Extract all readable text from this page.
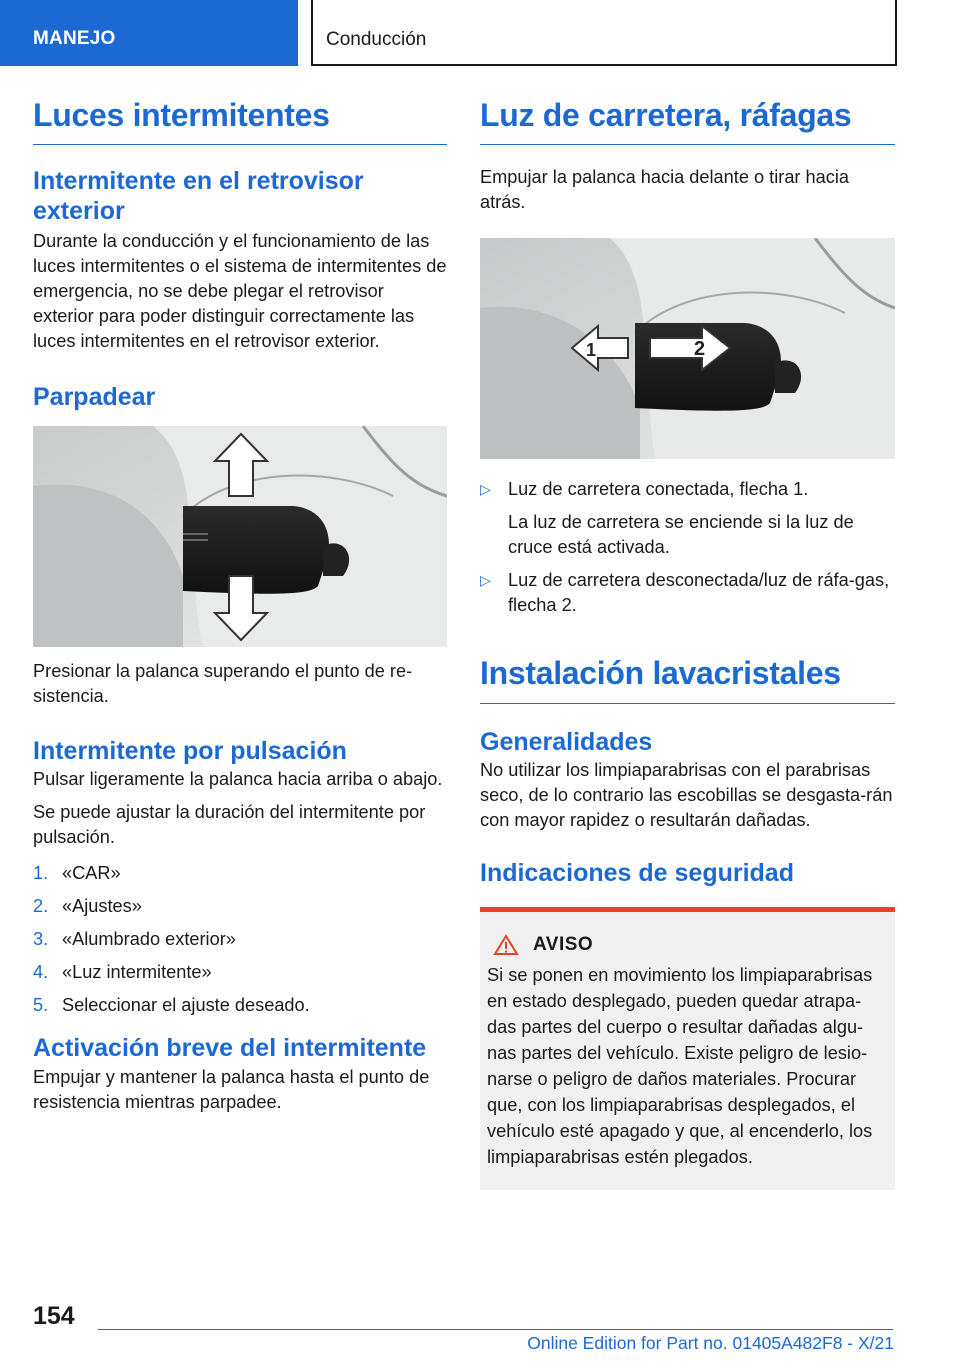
MANEJO	Conducción
Luces intermitentes
Intermitente en el retrovisor exterior

Durante la conducción y el funcionamiento de las luces intermitentes o el sistema de intermitentes de emergencia, no se debe plegar el retrovisor exterior para poder distinguir correctamente las luces intermitentes en el retrovisor exterior.

Parpadear

Presionar la palanca superando el punto de re-sistencia.

Intermitente por pulsación

Pulsar ligeramente la palanca hacia arriba o abajo.

Se puede ajustar la duración del intermitente por pulsación.

1. «CAR»
2. «Ajustes»
3. «Alumbrado exterior»
4. «Luz intermitente»
5. Seleccionar el ajuste deseado.
Activación breve del intermitente

Empujar y mantener la palanca hasta el punto de resistencia mientras parpadee.

Luz de carretera, ráfagas

Empujar la palanca hacia delante o tirar hacia atrás.

1	2
▷ Luz de carretera conectada, flecha 1.
La luz de carretera se enciende si la luz de cruce está activada.
▷ Luz de carretera desconectada/luz de ráfa-gas, flecha 2.
Instalación lavacristales
Generalidades

No utilizar los limpiaparabrisas con el parabrisas seco, de lo contrario las escobillas se desgasta-rán con mayor rapidez o resultarán dañadas.

Indicaciones de seguridad
AVISO

Si se ponen en movimiento los limpiaparabrisas en estado desplegado, pueden quedar atrapa-das partes del cuerpo o resultar dañadas algu-nas partes del vehículo. Existe peligro de lesio-narse o peligro de daños materiales. Procurar que, con los limpiaparabrisas desplegados, el vehículo esté apagado y que, al encenderlo, los limpiaparabrisas estén plegados.

154
Online Edition for Part no. 01405A482F8 - X/21
